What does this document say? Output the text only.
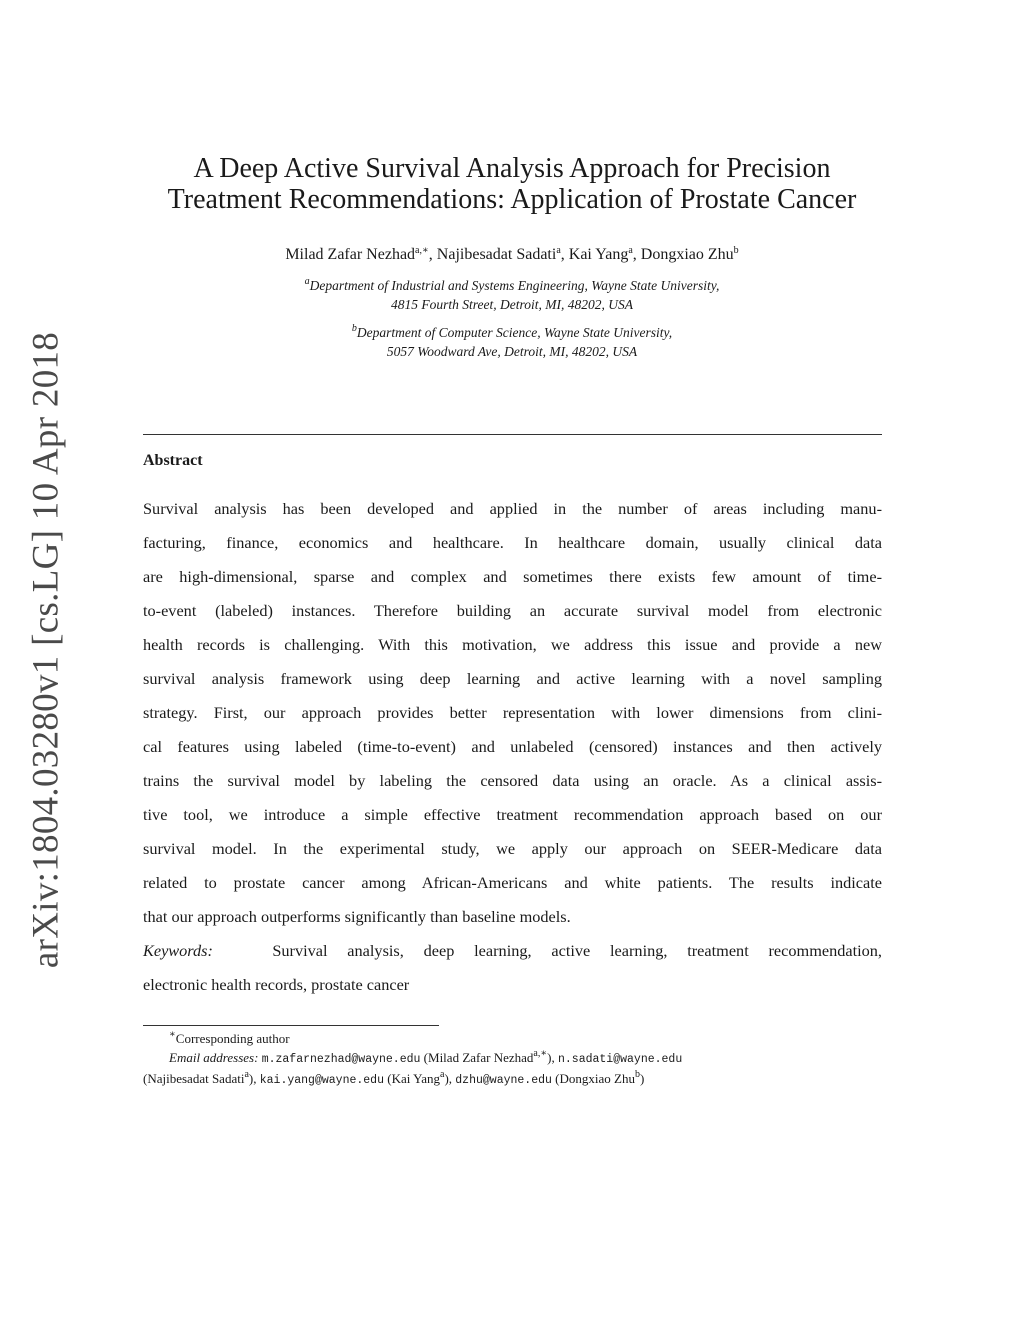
arXiv:1804.03280v1 [cs.LG] 10 Apr 2018
A Deep Active Survival Analysis Approach for Precision
Treatment Recommendations: Application of Prostate Cancer
Milad Zafar Nezhad$^{a,∗}$, Najibesadat Sadati$^a$, Kai Yang$^a$, Dongxiao Zhu$^b$
$^a$Department of Industrial and Systems Engineering, Wayne State University,
4815 Fourth Street, Detroit, MI, 48202, USA
$^b$Department of Computer Science, Wayne State University,
5057 Woodward Ave, Detroit, MI, 48202, USA
Abstract
Survival analysis has been developed and applied in the number of areas including manu-
facturing, finance, economics and healthcare. In healthcare domain, usually clinical data
are high-dimensional, sparse and complex and sometimes there exists few amount of time-
to-event (labeled) instances. Therefore building an accurate survival model from electronic
health records is challenging. With this motivation, we address this issue and provide a new
survival analysis framework using deep learning and active learning with a novel sampling
strategy. First, our approach provides better representation with lower dimensions from clini-
cal features using labeled (time-to-event) and unlabeled (censored) instances and then actively
trains the survival model by labeling the censored data using an oracle. As a clinical assis-
tive tool, we introduce a simple effective treatment recommendation approach based on our
survival model. In the experimental study, we apply our approach on SEER-Medicare data
related to prostate cancer among African-Americans and white patients. The results indicate
that our approach outperforms significantly than baseline models.
Keywords:	Survival analysis, deep learning, active learning, treatment recommendation,
electronic health records, prostate cancer
∗Corresponding author
Email addresses: m.zafarnezhad@wayne.edu (Milad Zafar Nezhad$^{a,∗}$), n.sadati@wayne.edu
(Najibesadat Sadati$^a$), kai.yang@wayne.edu (Kai Yang$^a$), dzhu@wayne.edu (Dongxiao Zhu$^b$)
